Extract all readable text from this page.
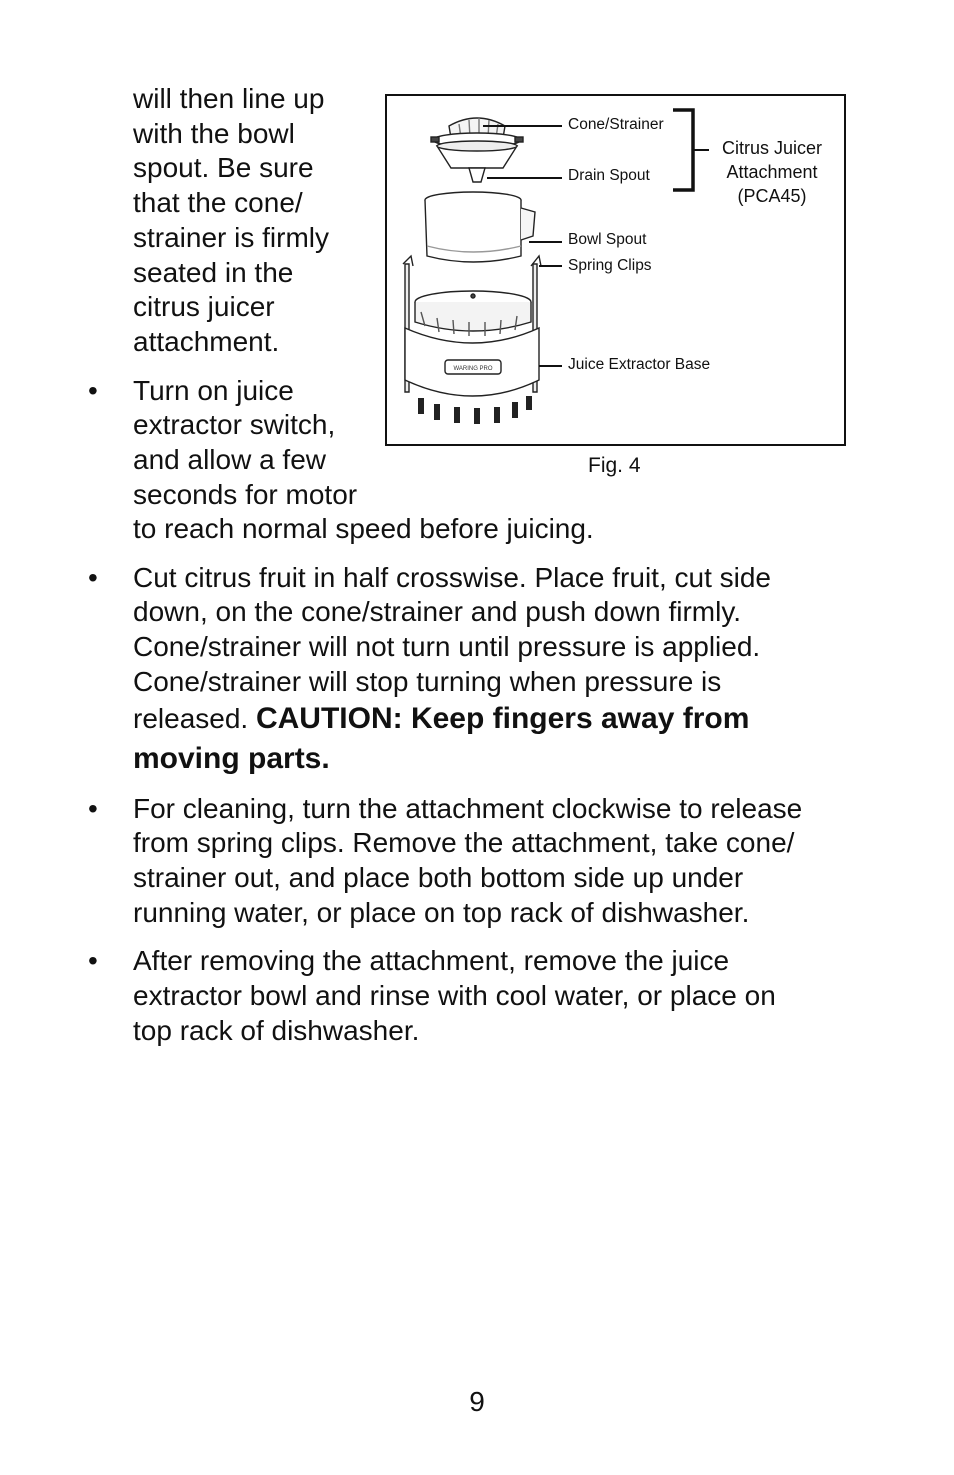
will then line up
with the bowl
spout. Be sure
that the cone/
strainer is firmly
seated in the
citrus juicer
attachment.
• Turn on juice
extractor switch,
and allow a few
seconds for motor
to reach normal speed before juicing.
• Cut citrus fruit in half crosswise. Place fruit, cut side
down, on the cone/strainer and push down firmly.
Cone/strainer will not turn until pressure is applied.
Cone/strainer will stop turning when pressure is
released. CAUTION: Keep fingers away from
moving parts.
• For cleaning, turn the attachment clockwise to release
from spring clips. Remove the attachment, take cone/
strainer out, and place both bottom side up under
running water, or place on top rack of dishwasher.
• After removing the attachment, remove the juice
extractor bowl and rinse with cool water, or place on
top rack of dishwasher.
WARING PRO
Cone/Strainer
Drain Spout
Bowl Spout
Spring Clips
Juice Extractor Base
Citrus Juicer
Attachment
(PCA45)
Fig. 4
9
